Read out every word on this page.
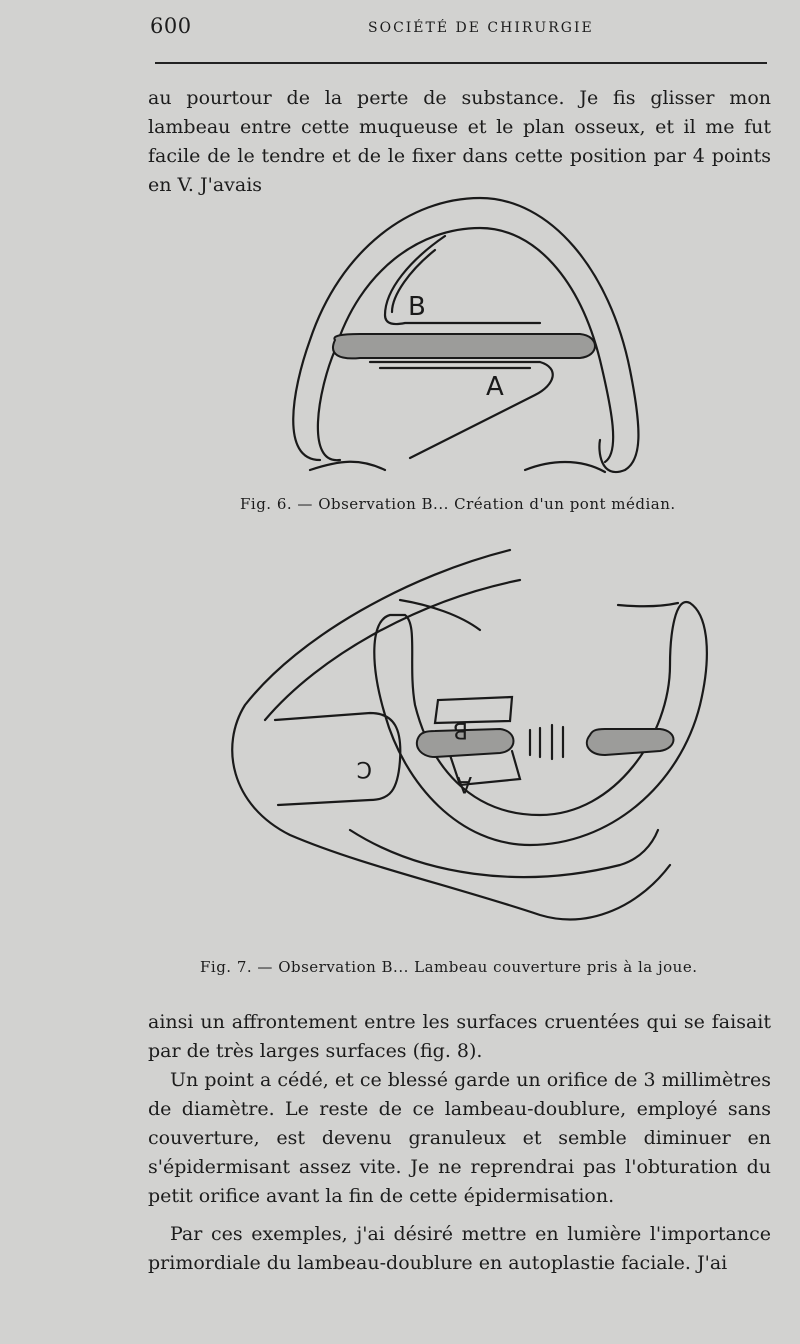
600	SOCIÉTÉ DE CHIRURGIE
au pourtour de la perte de substance. Je fis glisser mon lambeau entre cette muqueuse et le plan osseux, et il me fut facile de le tendre et de le fixer dans cette position par 4 points en V. J'avais
B
A
Fig. 6. — Observation B... Création d'un pont médian.
B
A
C
Fig. 7. — Observation B... Lambeau couverture pris à la joue.
ainsi un affrontement entre les surfaces cruentées qui se faisait par de très larges surfaces (fig. 8).
Un point a cédé, et ce blessé garde un orifice de 3 millimètres de diamètre. Le reste de ce lambeau-doublure, employé sans couverture, est devenu granuleux et semble diminuer en s'épidermisant assez vite. Je ne reprendrai pas l'obturation du petit orifice avant la fin de cette épidermisation.
Par ces exemples, j'ai désiré mettre en lumière l'importance primordiale du lambeau-doublure en autoplastie faciale. J'ai
